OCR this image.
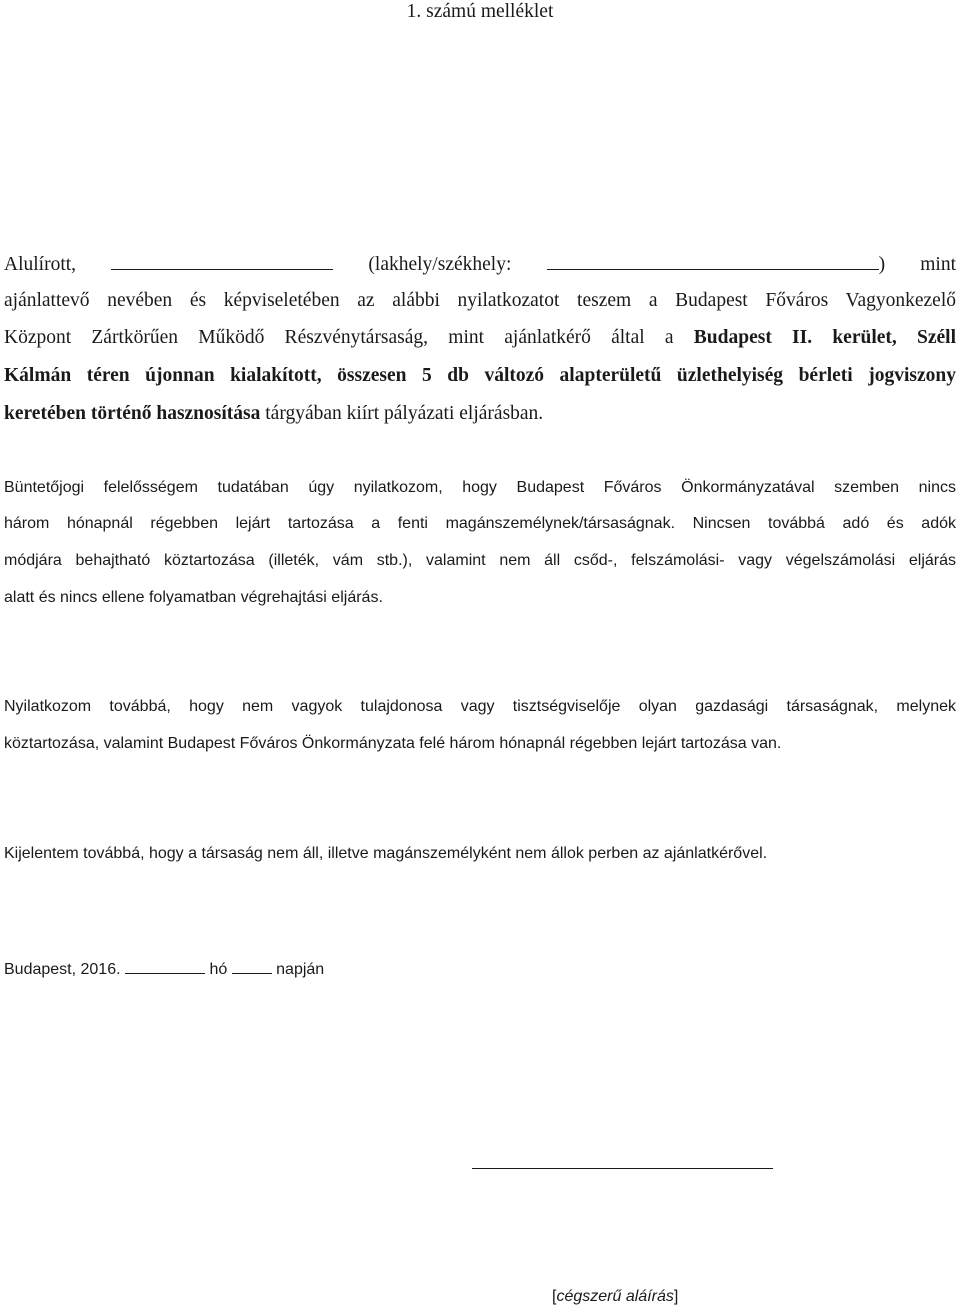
1. számú melléklet
Alulírott,	(lakhely/székhely:	) mint
ajánlattevő nevében és képviseletében az alábbi nyilatkozatot teszem a Budapest Főváros Vagyonkezelő
Központ Zártkörűen Működő Részvénytársaság, mint ajánlatkérő által a Budapest II. kerület, Széll
Kálmán téren újonnan kialakított, összesen 5 db változó alapterületű üzlethelyiség bérleti jogviszony
keretében történő hasznosítása tárgyában kiírt pályázati eljárásban.
Büntetőjogi felelősségem tudatában úgy nyilatkozom, hogy Budapest Főváros Önkormányzatával szemben nincs
három hónapnál régebben lejárt tartozása a fenti magánszemélynek/társaságnak. Nincsen továbbá adó és adók
módjára behajtható köztartozása (illeték, vám stb.), valamint nem áll csőd-, felszámolási- vagy végelszámolási eljárás
alatt és nincs ellene folyamatban végrehajtási eljárás.
Nyilatkozom továbbá, hogy nem vagyok tulajdonosa vagy tisztségviselője olyan gazdasági társaságnak, melynek
köztartozása, valamint Budapest Főváros Önkormányzata felé három hónapnál régebben lejárt tartozása van.
Kijelentem továbbá, hogy a társaság nem áll, illetve magánszemélyként nem állok perben az ajánlatkérővel.
Budapest, 2016.	hó	napján
[cégszerű aláírás]
